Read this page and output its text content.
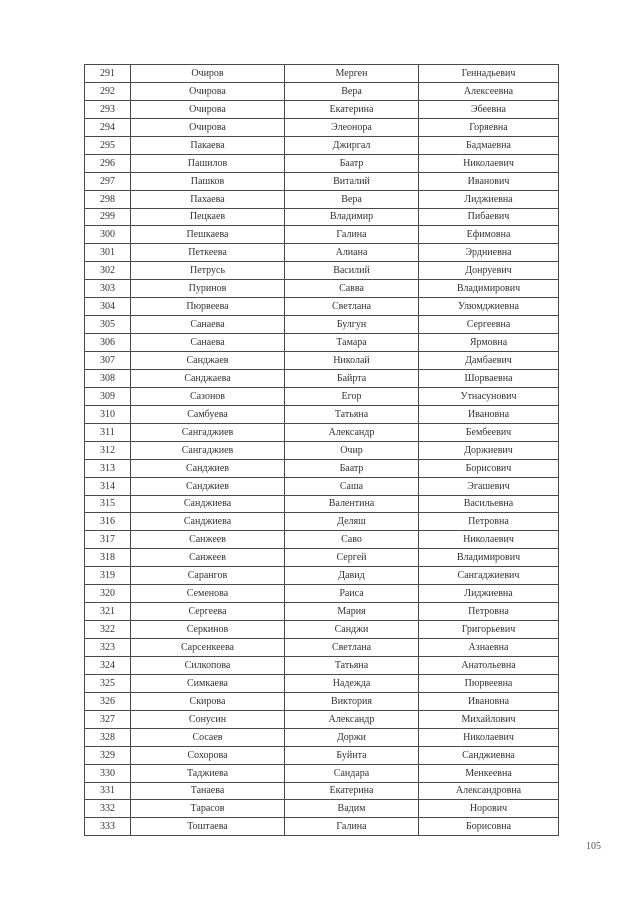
291	Очиров	Мерген	Геннадьевич
292	Очирова	Вера	Алексеевна
293	Очирова	Екатерина	Эбеевна
294	Очирова	Элеонора	Горяевна
295	Пакаева	Джиргал	Бадмаевна
296	Пашилов	Баатр	Николаевич
297	Пашков	Виталий	Иванович
298	Пахаева	Вера	Лиджиевна
299	Пецкаев	Владимир	Пибаевич
300	Пешкаева	Галина	Ефимовна
301	Петкеева	Алиана	Эрдниевна
302	Петрусь	Василий	Донруевич
303	Пуринов	Савва	Владимирович
304	Пюрвеева	Светлана	Улюмджиевна
305	Санаева	Булгун	Сергеевна
306	Санаева	Тамара	Ярмовна
307	Санджаев	Николай	Дамбаевич
308	Санджаева	Байрта	Шорваевна
309	Сазонов	Егор	Утнасунович
310	Самбуева	Татьяна	Ивановна
311	Сангаджиев	Александр	Бембеевич
312	Сангаджиев	Очир	Доржиевич
313	Санджиев	Баатр	Борисович
314	Санджиев	Саша	Эгашевич
315	Санджиева	Валентина	Васильевна
316	Санджиева	Деляш	Петровна
317	Санжеев	Саво	Николаевич
318	Санжеев	Сергей	Владимирович
319	Сарангов	Давид	Сангаджиевич
320	Семенова	Раиса	Лиджиевна
321	Сергеева	Мария	Петровна
322	Серкинов	Санджи	Григорьевич
323	Сарсенкеева	Светлана	Азнаевна
324	Силкопова	Татьяна	Анатольевна
325	Симкаева	Надежда	Пюрвеевна
326	Скирова	Виктория	Ивановна
327	Сонусин	Александр	Михайлович
328	Сосаев	Доржи	Николаевич
329	Сохорова	Буйнта	Санджиевна
330	Таджиева	Сандара	Менкеевна
331	Танаева	Екатерина	Александровна
332	Тарасов	Вадим	Норович
333	Тоштаева	Галина	Борисовна
105
